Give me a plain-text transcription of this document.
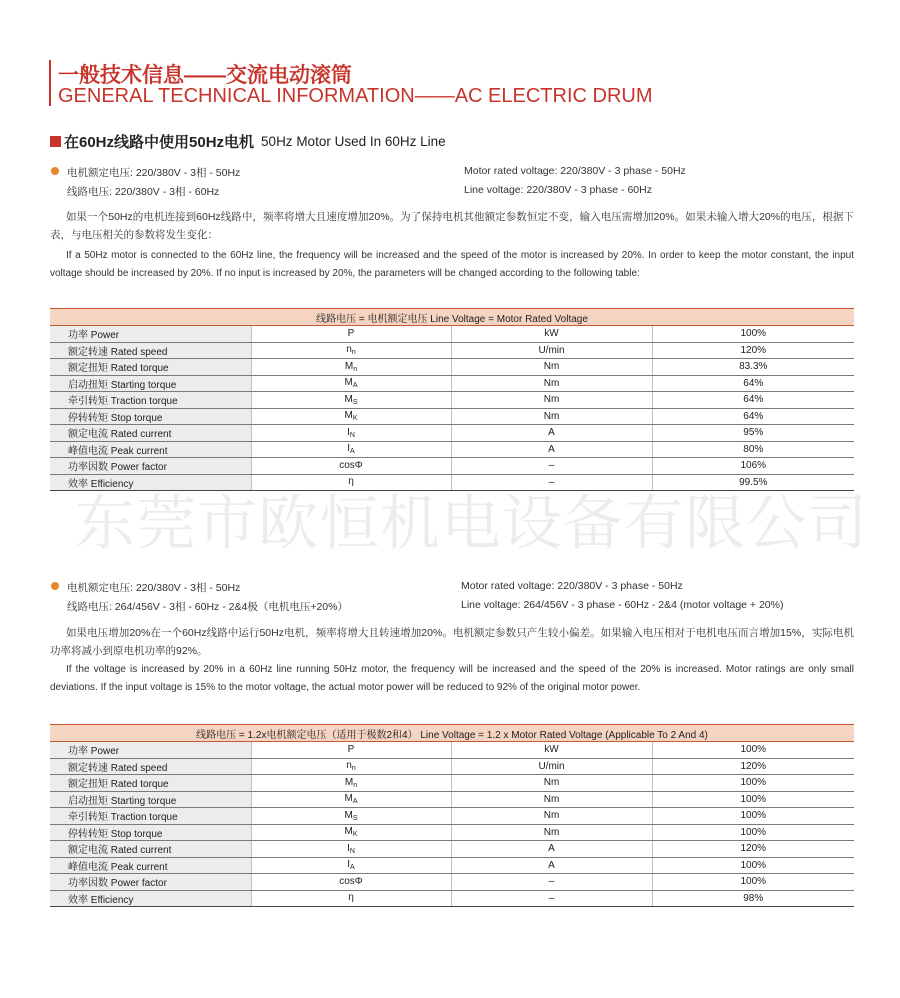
一般技术信息——交流电动滚筒
GENERAL TECHNICAL INFORMATION——AC ELECTRIC DRUM
在60Hz线路中使用50Hz电机 50Hz Motor Used In 60Hz Line
电机额定电压: 220/380V - 3相 - 50Hz
线路电压: 220/380V - 3相 - 60Hz
Motor rated voltage: 220/380V - 3 phase - 50Hz
Line voltage: 220/380V - 3 phase - 60Hz
如果一个50Hz的电机连接到60Hz线路中，频率将增大且速度增加20%。为了保持电机其他额定参数恒定不变，输入电压需增加20%。如果未输入增大20%的电压，根据下表，与电压相关的参数将发生变化：
If a 50Hz motor is connected to the 60Hz line, the frequency will be increased and the speed of the motor is increased by 20%. In order to keep the motor constant, the input voltage should be increased by 20%. If no input is increased by 20%, the parameters will be changed according to the following table:
线路电压 = 电机额定电压 Line Voltage = Motor Rated Voltage			
功率 Power	P	kW	100%
额定转速 Rated speed	$n_n$	U/min	120%
额定扭矩 Rated torque	$M_n$	Nm	83.3%
启动扭矩 Starting torque	$M_A$	Nm	64%
牵引转矩 Traction torque	$M_S$	Nm	64%
停转转矩 Stop torque	$M_K$	Nm	64%
额定电流 Rated current	$I_N$	A	95%
峰值电流 Peak current	$I_A$	A	80%
功率因数 Power factor	cosΦ	–	106%
效率 Efficiency	η	–	99.5%
东莞市欧恒机电设备有限公司
电机额定电压: 220/380V - 3相 - 50Hz
线路电压: 264/456V - 3相 - 60Hz - 2&4极（电机电压+20%）
Motor rated voltage: 220/380V - 3 phase - 50Hz
Line voltage: 264/456V - 3 phase - 60Hz - 2&4 (motor voltage + 20%)
如果电压增加20%在一个60Hz线路中运行50Hz电机，频率将增大且转速增加20%。电机额定参数只产生较小偏差。如果输入电压相对于电机电压而言增加15%，实际电机功率将减小到原电机功率的92%。
If the voltage is increased by 20% in a 60Hz line running 50Hz motor, the frequency will be increased and the speed of the 20% is increased. Motor ratings are only small deviations. If the input voltage is 15% to the motor voltage, the actual motor power will be reduced to 92% of the original motor power.
线路电压 = 1.2x电机额定电压（适用于极数2和4） Line Voltage = 1.2 x Motor Rated Voltage (Applicable To 2 And 4)			
功率 Power	P	kW	100%
额定转速 Rated speed	$n_n$	U/min	120%
额定扭矩 Rated torque	$M_n$	Nm	100%
启动扭矩 Starting torque	$M_A$	Nm	100%
牵引转矩 Traction torque	$M_S$	Nm	100%
停转转矩 Stop torque	$M_K$	Nm	100%
额定电流 Rated current	$I_N$	A	120%
峰值电流 Peak current	$I_A$	A	100%
功率因数 Power factor	cosΦ	–	100%
效率 Efficiency	η	–	98%
